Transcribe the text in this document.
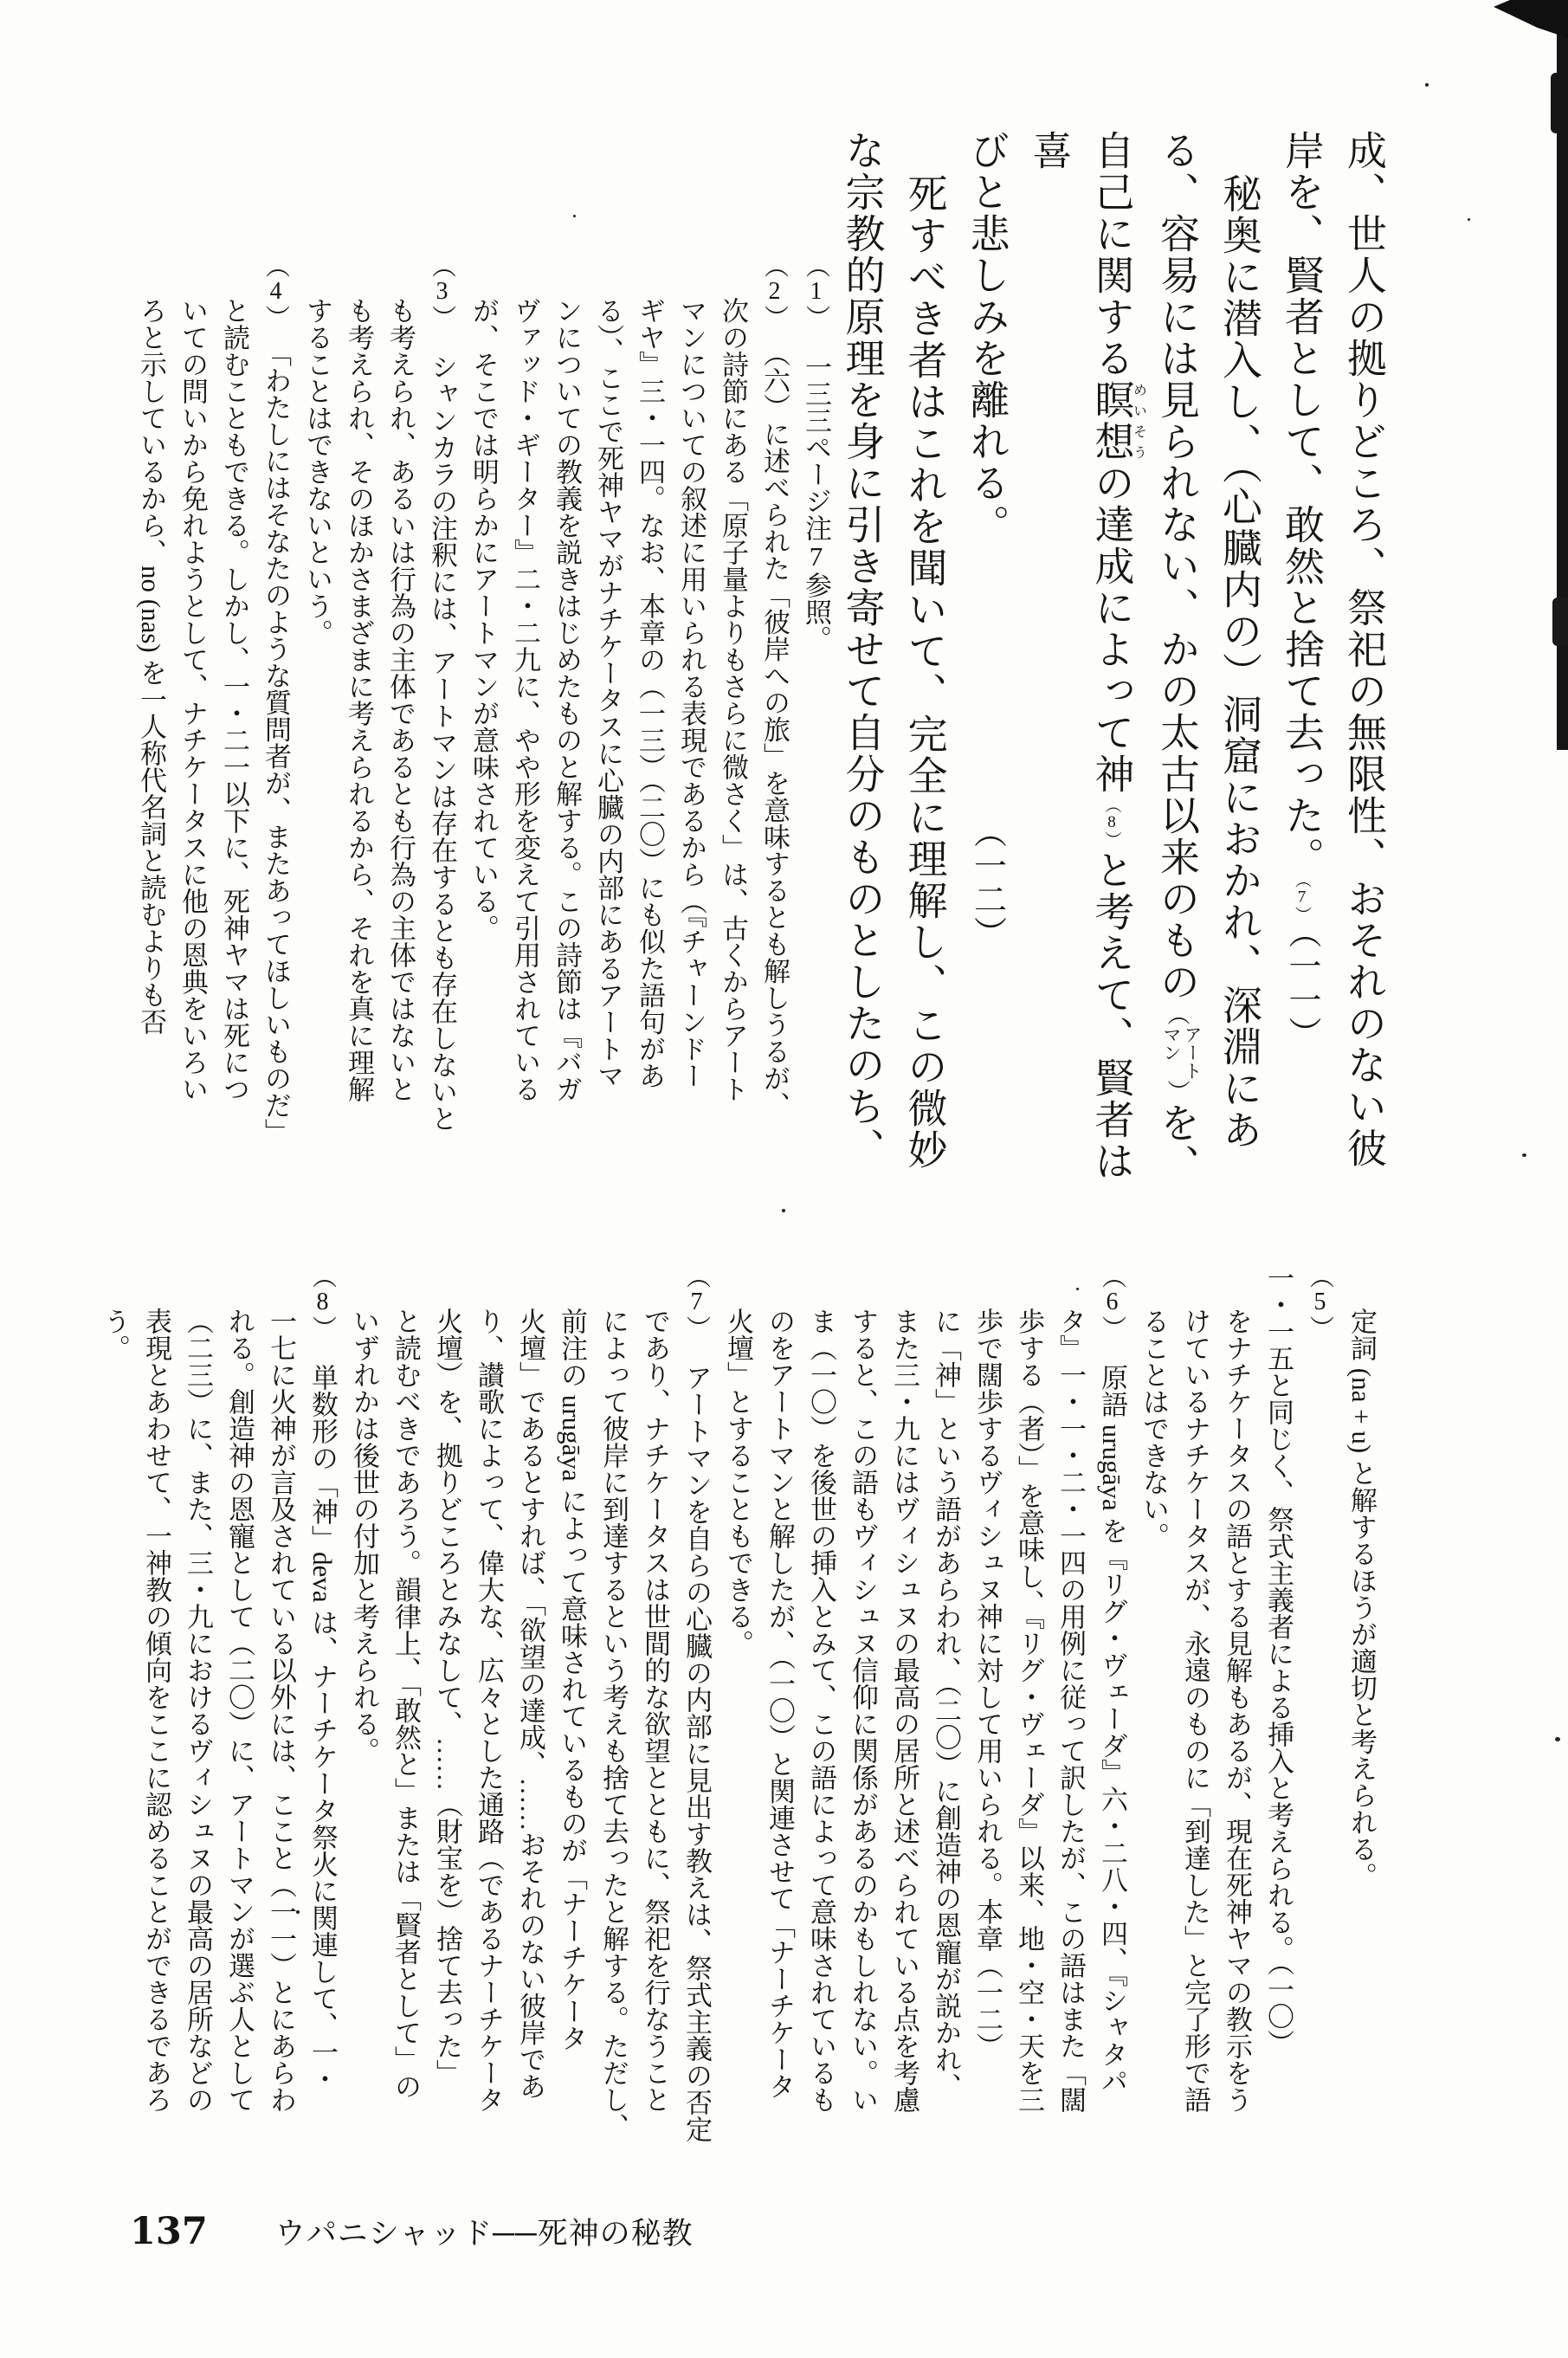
成、世人の拠りどころ、祭祀の無限性、おそれのない彼
岸を、賢者として、敢然と捨て去った。（7）（一一）
秘奥に潜入し、（心臓内の）洞窟におかれ、深淵にあ
る、容易には見られない、かの太古以来のもの（
アート
マン
）を、
自己に関する瞑想めいそうの達成によって神（8）と考えて、賢者は喜
びと悲しみを離れる。（一二）
死すべき者はこれを聞いて、完全に理解し、この微妙
な宗教的原理を身に引き寄せて自分のものとしたのち、
（1）一三三ページ注7参照。
（2）（六）に述べられた「彼岸への旅」を意味するとも解しうるが、
次の詩節にある「原子量よりもさらに微さく」は、古くからアート
マンについての叙述に用いられる表現であるから（『チャーンドー
ギヤ』三・一四。なお、本章の（一三）（二〇）にも似た語句があ
る）、ここで死神ヤマがナチケータスに心臓の内部にあるアートマ
ンについての教義を説きはじめたものと解する。この詩節は『バガ
ヴァッド・ギーター』二・二九に、やや形を変えて引用されている
が、そこでは明らかにアートマンが意味されている。
（3）シャンカラの注釈には、アートマンは存在するとも存在しないと
も考えられ、あるいは行為の主体であるとも行為の主体ではないと
も考えられ、そのほかさまざまに考えられるから、それを真に理解
することはできないという。
（4）「わたしにはそなたのような質問者が、またあってほしいものだ」
と読むこともできる。しかし、一・二一以下に、死神ヤマは死につ
いての問いから免れようとして、ナチケータスに他の恩典をいろい
ろと示しているから、no (nas) を一人称代名詞と読むよりも否
定詞 (na + u) と解するほうが適切と考えられる。
（5）一・一五と同じく、祭式主義者による挿入と考えられる。（一〇）
をナチケータスの語とする見解もあるが、現在死神ヤマの教示をう
けているナチケータスが、永遠のものに「到達した」と完了形で語
ることはできない。
（6）原語 urugāya を『リグ・ヴェーダ』六・二八・四、『シャタパ
タ』一・一・二・一四の用例に従って訳したが、この語はまた「闊
歩する（者）」を意味し、『リグ・ヴェーダ』以来、地・空・天を三
歩で闊歩するヴィシュヌ神に対して用いられる。本章（一二）
に「神」という語があらわれ、（二〇）に創造神の恩寵が説かれ、
また三・九にはヴィシュヌの最高の居所と述べられている点を考慮
すると、この語もヴィシュヌ信仰に関係があるのかもしれない。い
ま（一〇）を後世の挿入とみて、この語によって意味されているも
のをアートマンと解したが、（一〇）と関連させて「ナーチケータ
火壇」とすることもできる。
（7）アートマンを自らの心臓の内部に見出す教えは、祭式主義の否定
であり、ナチケータスは世間的な欲望とともに、祭祀を行なうこと
によって彼岸に到達するという考えも捨て去ったと解する。ただし、
前注の urugāya によって意味されているものが「ナーチケータ
火壇」であるとすれば、「欲望の達成、……おそれのない彼岸であ
り、讃歌によって、偉大な、広々とした通路（であるナーチケータ
火壇）を、拠りどころとみなして、……（財宝を）捨て去った」
と読むべきであろう。韻律上、「敢然と」または「賢者として」の
いずれかは後世の付加と考えられる。
（8）単数形の「神」deva は、ナーチケータ祭火に関連して、一・
一七に火神が言及されている以外には、ここと（一一）とにあらわ
れる。創造神の恩寵として（二〇）に、アートマンが選ぶ人として
（二三）に、また、三・九におけるヴィシュヌの最高の居所などの
表現とあわせて、一神教の傾向をここに認めることができるであろ
う。
137 ウパニシャッド──死神の秘教
